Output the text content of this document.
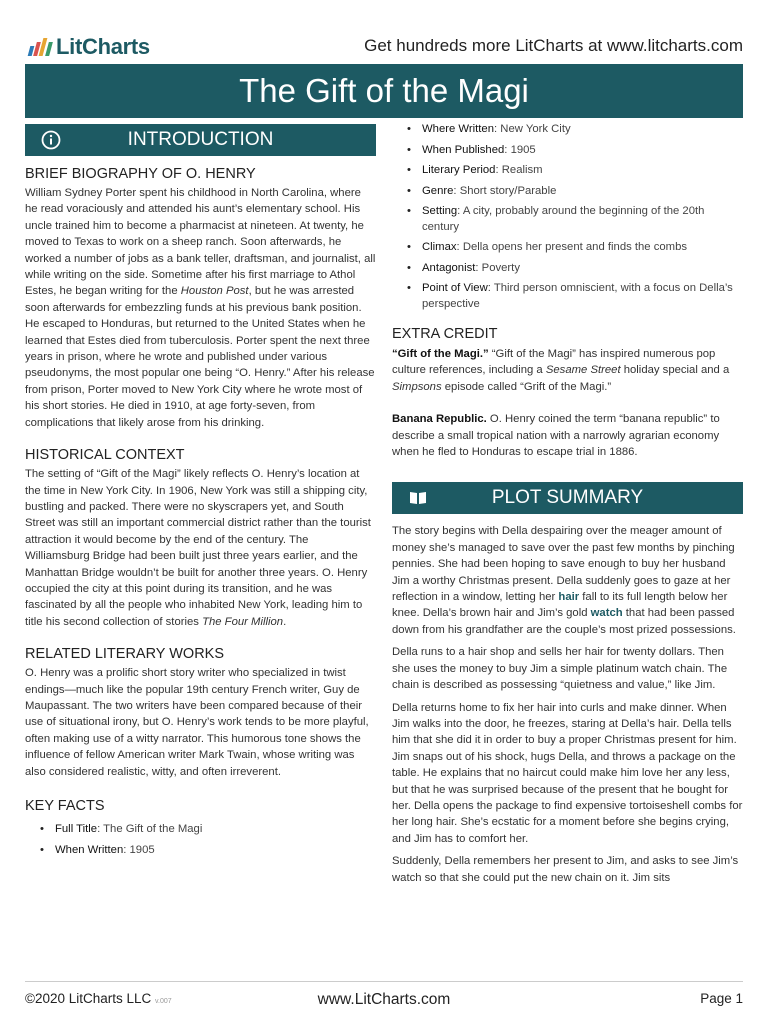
LitCharts	Get hundreds more LitCharts at www.litcharts.com
The Gift of the Magi
INTRODUCTION
BRIEF BIOGRAPHY OF O. HENRY

William Sydney Porter spent his childhood in North Carolina, where he read voraciously and attended his aunt’s elementary school. His uncle trained him to become a pharmacist at nineteen. At twenty, he moved to Texas to work on a sheep ranch. Soon afterwards, he worked a number of jobs as a bank teller, draftsman, and journalist, all while writing on the side. Sometime after his first marriage to Athol Estes, he began writing for the Houston Post, but he was arrested soon afterwards for embezzling funds at his previous bank position. He escaped to Honduras, but returned to the United States when he learned that Estes died from tuberculosis. Porter spent the next three years in prison, where he wrote and published under various pseudonyms, the most popular one being “O. Henry.” After his release from prison, Porter moved to New York City where he wrote most of his short stories. He died in 1910, at age forty-seven, from complications that likely arose from his drinking.

HISTORICAL CONTEXT

The setting of “Gift of the Magi” likely reflects O. Henry’s location at the time in New York City. In 1906, New York was still a shipping city, bustling and packed. There were no skyscrapers yet, and South Street was still an important commercial district rather than the tourist attraction it would become by the end of the century. The Williamsburg Bridge had been built just three years earlier, and the Manhattan Bridge wouldn’t be built for another three years. O. Henry occupied the city at this point during its transition, and he was fascinated by all the people who inhabited New York, leading him to title his second collection of stories The Four Million.

RELATED LITERARY WORKS

O. Henry was a prolific short story writer who specialized in twist endings—much like the popular 19th century French writer, Guy de Maupassant. The two writers have been compared because of their use of situational irony, but O. Henry’s work tends to be more playful, often making use of a witty narrator. This humorous tone shows the influence of fellow American writer Mark Twain, whose writing was also considered realistic, witty, and often irreverent.

KEY FACTS
• Full Title: The Gift of the Magi
• When Written: 1905
• Where Written: New York City
• When Published: 1905
• Literary Period: Realism
• Genre: Short story/Parable
• Setting: A city, probably around the beginning of the 20th century
• Climax: Della opens her present and finds the combs
• Antagonist: Poverty
• Point of View: Third person omniscient, with a focus on Della’s perspective
EXTRA CREDIT

“Gift of the Magi.” “Gift of the Magi” has inspired numerous pop culture references, including a Sesame Street holiday special and a Simpsons episode called “Grift of the Magi.”

Banana Republic. O. Henry coined the term “banana republic” to describe a small tropical nation with a narrowly agrarian economy when he fled to Honduras to escape trial in 1886.

PLOT SUMMARY

The story begins with Della despairing over the meager amount of money she’s managed to save over the past few months by pinching pennies. She had been hoping to save enough to buy her husband Jim a worthy Christmas present. Della suddenly goes to gaze at her reflection in a window, letting her hair fall to its full length below her knee. Della’s brown hair and Jim’s gold watch that had been passed down from his grandfather are the couple’s most prized possessions.

Della runs to a hair shop and sells her hair for twenty dollars. Then she uses the money to buy Jim a simple platinum watch chain. The chain is described as possessing “quietness and value,” like Jim.

Della returns home to fix her hair into curls and make dinner. When Jim walks into the door, he freezes, staring at Della’s hair. Della tells him that she did it in order to buy a proper Christmas present for him. Jim snaps out of his shock, hugs Della, and throws a package on the table. He explains that no haircut could make him love her any less, but that he was surprised because of the present that he bought for her. Della opens the package to find expensive tortoiseshell combs for her long hair. She’s ecstatic for a moment before she begins crying, and Jim has to comfort her.

Suddenly, Della remembers her present to Jim, and asks to see Jim’s watch so that she could put the new chain on it. Jim sits

©2020 LitCharts LLC v.007	www.LitCharts.com	Page 1
